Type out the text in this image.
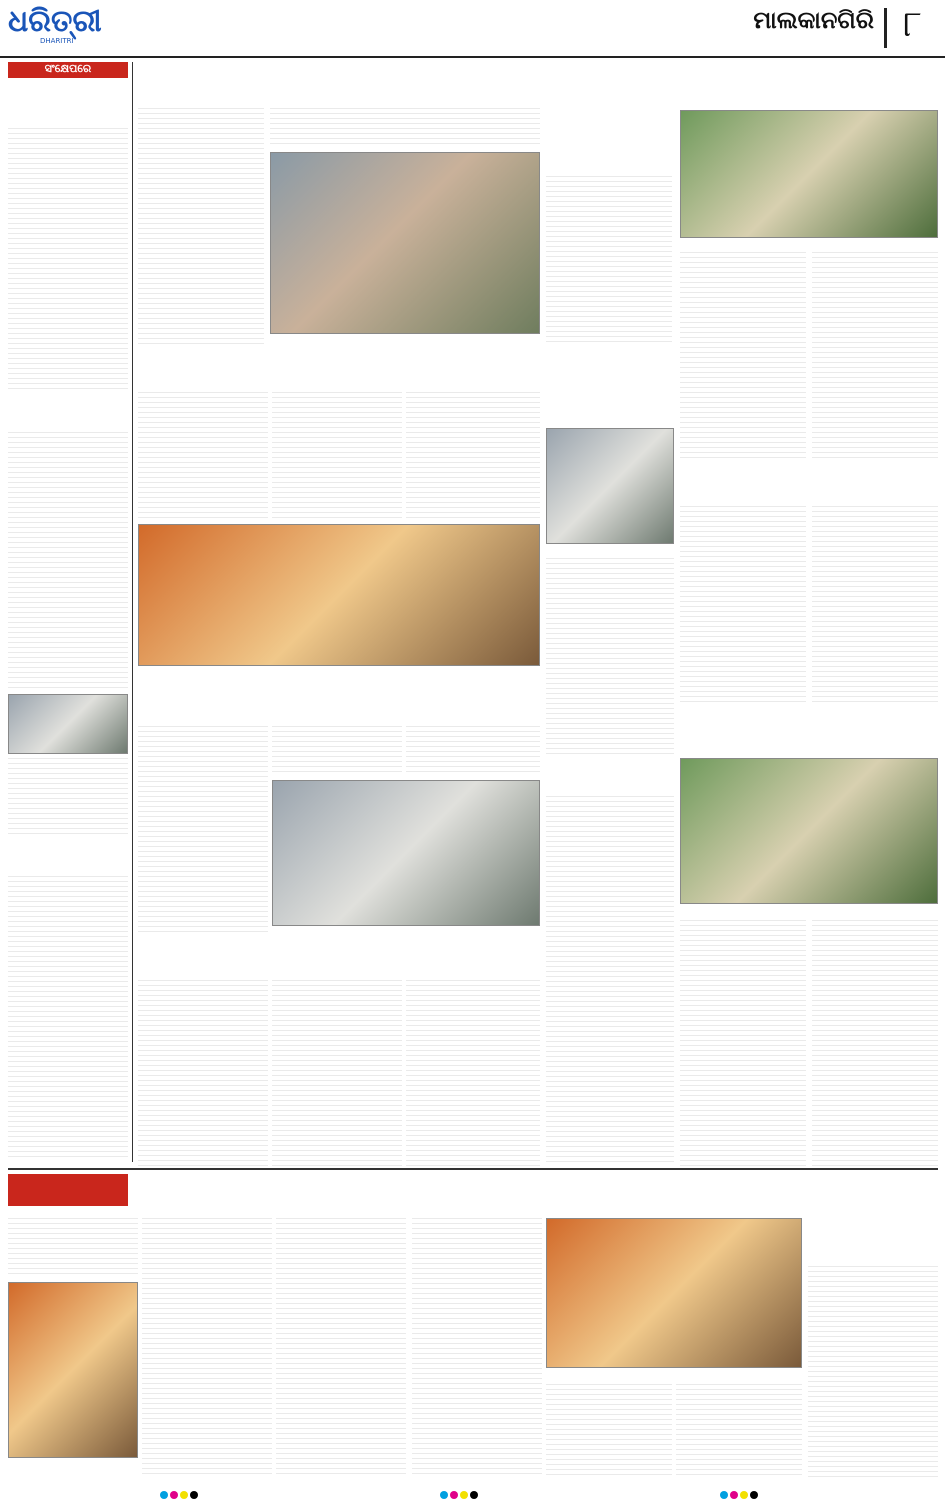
ଧରିତ୍ରୀ
DHARITRI
ମାଲକାନଗିରି ୮
ସଂକ୍ଷେପରେ
